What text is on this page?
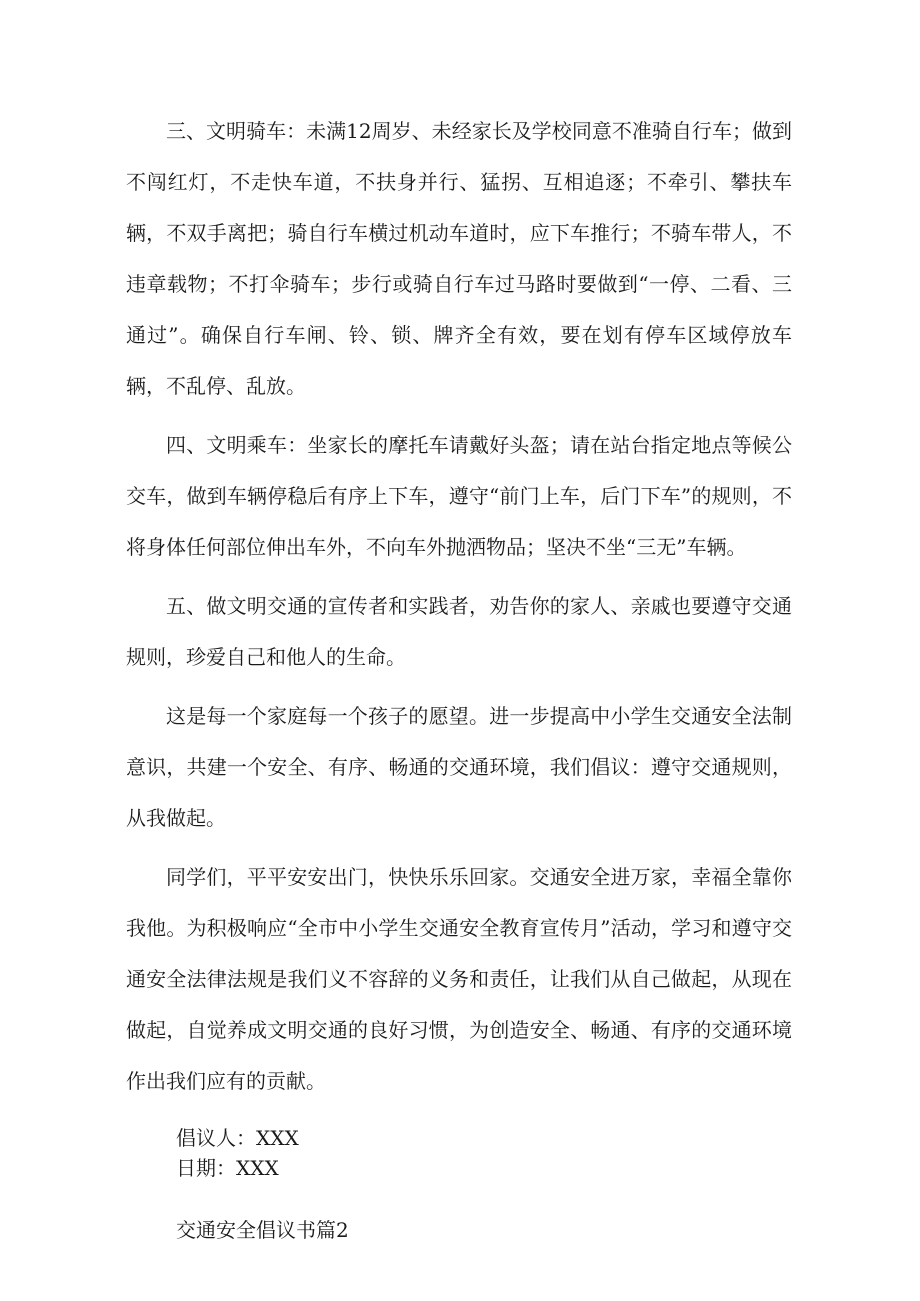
三、文明骑车：未满12周岁、未经家长及学校同意不准骑自行车；做到不闯红灯，不走快车道，不扶身并行、猛拐、互相追逐；不牵引、攀扶车辆，不双手离把；骑自行车横过机动车道时，应下车推行；不骑车带人，不违章载物；不打伞骑车；步行或骑自行车过马路时要做到“一停、二看、三通过”。确保自行车闸、铃、锁、牌齐全有效，要在划有停车区域停放车辆，不乱停、乱放。

四、文明乘车：坐家长的摩托车请戴好头盔；请在站台指定地点等候公交车，做到车辆停稳后有序上下车，遵守“前门上车，后门下车”的规则，不将身体任何部位伸出车外，不向车外抛洒物品；坚决不坐“三无”车辆。

五、做文明交通的宣传者和实践者，劝告你的家人、亲戚也要遵守交通规则，珍爱自己和他人的生命。

这是每一个家庭每一个孩子的愿望。进一步提高中小学生交通安全法制意识，共建一个安全、有序、畅通的交通环境，我们倡议：遵守交通规则，从我做起。

同学们，平平安安出门，快快乐乐回家。交通安全进万家，幸福全靠你我他。为积极响应“全市中小学生交通安全教育宣传月”活动，学习和遵守交通安全法律法规是我们义不容辞的义务和责任，让我们从自己做起，从现在做起，自觉养成文明交通的良好习惯，为创造安全、畅通、有序的交通环境作出我们应有的贡献。

倡议人：XXX
日期：XXX
交通安全倡议书篇2
